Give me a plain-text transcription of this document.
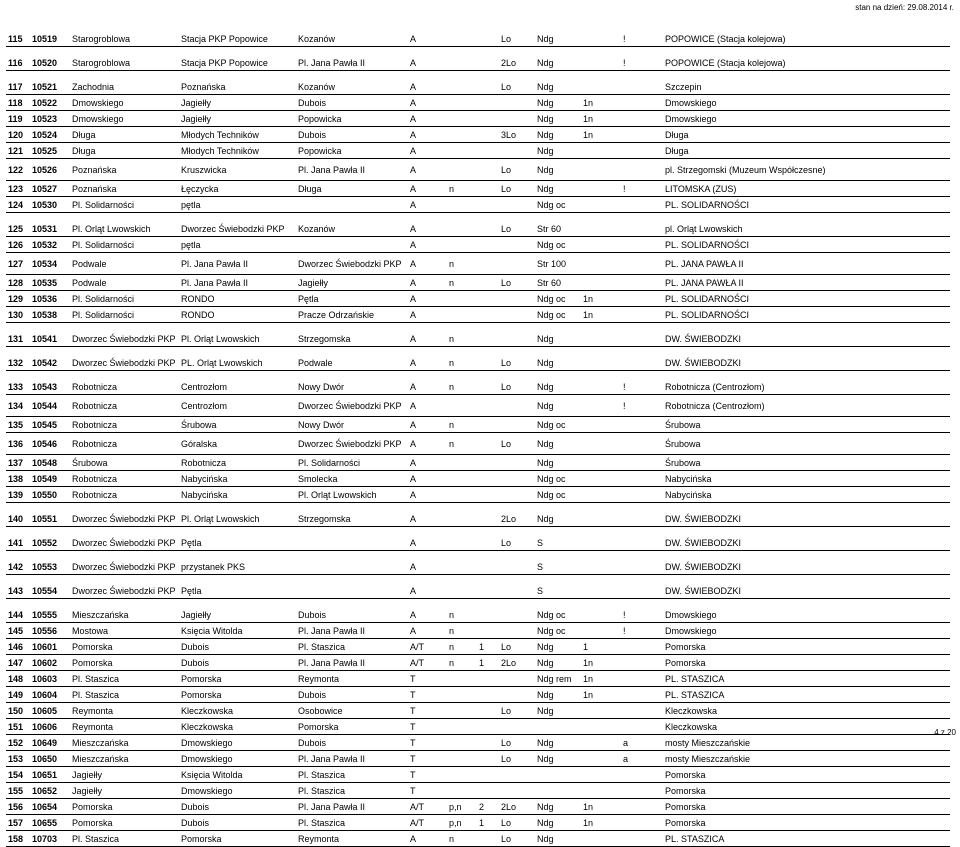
stan na dzień: 29.08.2014 r.
115	10519	Starogroblowa	Stacja PKP Popowice	Kozanów	A			Lo	Ndg		!	POPOWICE (Stacja kolejowa)

116	10520	Starogroblowa	Stacja PKP Popowice	Pl. Jana Pawła II	A			2Lo	Ndg		!	POPOWICE (Stacja kolejowa)

117	10521	Zachodnia	Poznańska	Kozanów	A			Lo	Ndg			Szczepin
118	10522	Dmowskiego	Jagiełły	Dubois	A				Ndg	1n		Dmowskiego
119	10523	Dmowskiego	Jagiełły	Popowicka	A				Ndg	1n		Dmowskiego
120	10524	Długa	Młodych Techników	Dubois	A			3Lo	Ndg	1n		Długa
121	10525	Długa	Młodych Techników	Popowicka	A				Ndg			Długa
122	10526	Poznańska	Kruszwicka	Pl. Jana Pawła II	A			Lo	Ndg			pl. Strzegomski (Muzeum Współczesne)
123	10527	Poznańska	Łęczycka	Długa	A	n		Lo	Ndg		!	LITOMSKA (ZUS)
124	10530	Pl. Solidarności	pętla		A				Ndg oc			PL. SOLIDARNOŚCI

125	10531	Pl. Orląt Lwowskich	Dworzec Świebodzki PKP	Kozanów	A			Lo	Str 60			pl. Orląt Lwowskich
126	10532	Pl. Solidarności	pętla		A				Ndg oc			PL. SOLIDARNOŚCI
127	10534	Podwale	Pl. Jana Pawła II	Dworzec Świebodzki PKP	A	n			Str 100			PL. JANA PAWŁA II
128	10535	Podwale	Pl. Jana Pawła II	Jagiełły	A	n		Lo	Str 60			PL. JANA PAWŁA II
129	10536	Pl. Solidarności	RONDO	Pętla	A				Ndg oc	1n		PL. SOLIDARNOŚCI
130	10538	Pl. Solidarności	RONDO	Pracze Odrzańskie	A				Ndg oc	1n		PL. SOLIDARNOŚCI

131	10541	Dworzec Świebodzki PKP	Pl. Orląt Lwowskich	Strzegomska	A	n			Ndg			DW. ŚWIEBODZKI

132	10542	Dworzec Świebodzki PKP	PL. Orląt Lwowskich	Podwale	A	n		Lo	Ndg			DW. ŚWIEBODZKI

133	10543	Robotnicza	Centrozłom	Nowy Dwór	A	n		Lo	Ndg		!	Robotnicza (Centrozłom)
134	10544	Robotnicza	Centrozłom	Dworzec Świebodzki PKP	A				Ndg		!	Robotnicza (Centrozłom)
135	10545	Robotnicza	Śrubowa	Nowy Dwór	A	n			Ndg oc			Śrubowa
136	10546	Robotnicza	Góralska	Dworzec Świebodzki PKP	A	n		Lo	Ndg			Śrubowa
137	10548	Śrubowa	Robotnicza	Pl. Solidarności	A				Ndg			Śrubowa
138	10549	Robotnicza	Nabycińska	Smolecka	A				Ndg oc			Nabycińska
139	10550	Robotnicza	Nabycińska	Pl. Orląt Lwowskich	A				Ndg oc			Nabycińska

140	10551	Dworzec Świebodzki PKP	Pl. Orląt Lwowskich	Strzegomska	A			2Lo	Ndg			DW. ŚWIEBODZKI

141	10552	Dworzec Świebodzki PKP	Pętla		A			Lo	S			DW. ŚWIEBODZKI

142	10553	Dworzec Świebodzki PKP	przystanek PKS		A				S			DW. ŚWIEBODZKI

143	10554	Dworzec Świebodzki PKP	Pętla		A				S			DW. ŚWIEBODZKI

144	10555	Mieszczańska	Jagiełły	Dubois	A	n			Ndg oc		!	Dmowskiego
145	10556	Mostowa	Księcia Witolda	Pl. Jana Pawła II	A	n			Ndg oc		!	Dmowskiego
146	10601	Pomorska	Dubois	Pl. Staszica	A/T	n	1	Lo	Ndg	1		Pomorska
147	10602	Pomorska	Dubois	Pl. Jana Pawła II	A/T	n	1	2Lo	Ndg	1n		Pomorska
148	10603	Pl. Staszica	Pomorska	Reymonta	T				Ndg rem	1n		PL. STASZICA
149	10604	Pl. Staszica	Pomorska	Dubois	T				Ndg	1n		PL. STASZICA
150	10605	Reymonta	Kleczkowska	Osobowice	T			Lo	Ndg			Kleczkowska
151	10606	Reymonta	Kleczkowska	Pomorska	T							Kleczkowska
152	10649	Mieszczańska	Dmowskiego	Dubois	T			Lo	Ndg		a	mosty Mieszczańskie
153	10650	Mieszczańska	Dmowskiego	Pl. Jana Pawła II	T			Lo	Ndg		a	mosty Mieszczańskie
154	10651	Jagiełły	Księcia Witolda	Pl. Staszica	T							Pomorska
155	10652	Jagiełły	Dmowskiego	Pl. Staszica	T							Pomorska
156	10654	Pomorska	Dubois	Pl. Jana Pawła II	A/T	p,n	2	2Lo	Ndg	1n		Pomorska
157	10655	Pomorska	Dubois	Pl. Staszica	A/T	p,n	1	Lo	Ndg	1n		Pomorska
158	10703	Pl. Staszica	Pomorska	Reymonta	A	n		Lo	Ndg			PL. STASZICA
4 z 20
